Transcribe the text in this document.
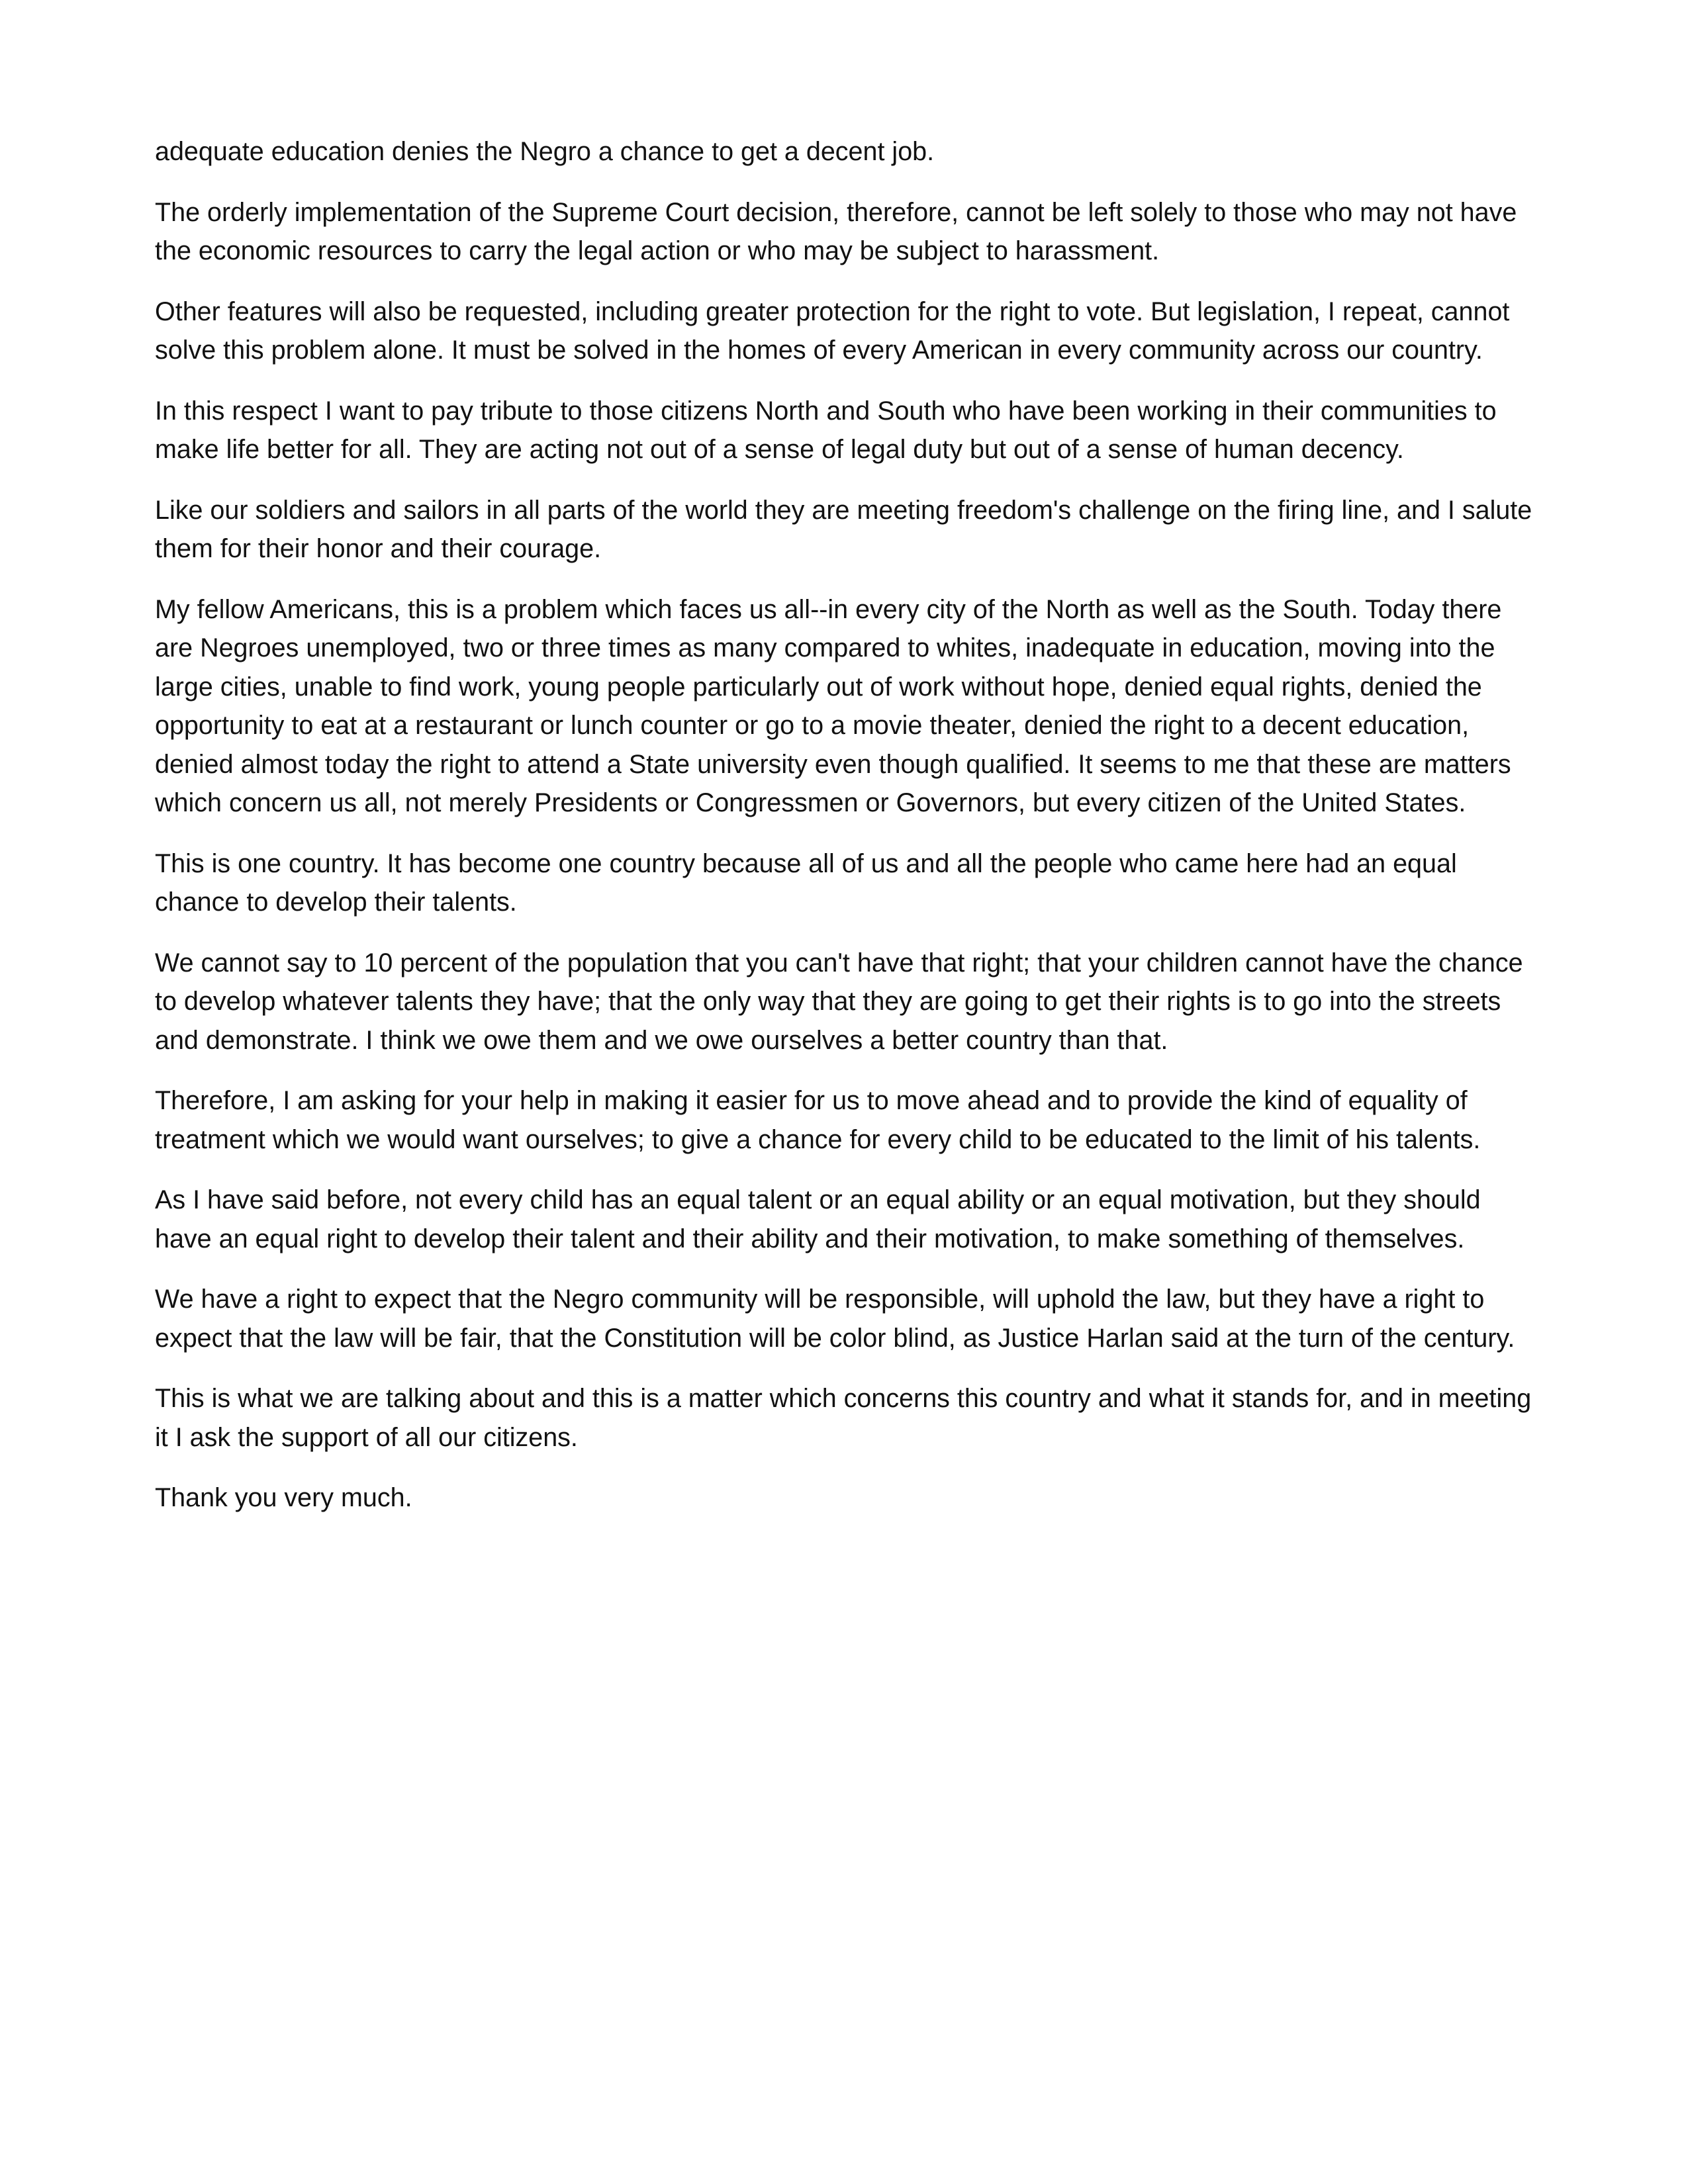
adequate education denies the Negro a chance to get a decent job.

The orderly implementation of the Supreme Court decision, therefore, cannot be left solely to those who may not have the economic resources to carry the legal action or who may be subject to harassment.

Other features will also be requested, including greater protection for the right to vote. But legislation, I repeat, cannot solve this problem alone. It must be solved in the homes of every American in every community across our country.

In this respect I want to pay tribute to those citizens North and South who have been working in their communities to make life better for all. They are acting not out of a sense of legal duty but out of a sense of human decency.

Like our soldiers and sailors in all parts of the world they are meeting freedom's challenge on the firing line, and I salute them for their honor and their courage.

My fellow Americans, this is a problem which faces us all--in every city of the North as well as the South. Today there are Negroes unemployed, two or three times as many compared to whites, inadequate in education, moving into the large cities, unable to find work, young people particularly out of work without hope, denied equal rights, denied the opportunity to eat at a restaurant or lunch counter or go to a movie theater, denied the right to a decent education, denied almost today the right to attend a State university even though qualified. It seems to me that these are matters which concern us all, not merely Presidents or Congressmen or Governors, but every citizen of the United States.

This is one country. It has become one country because all of us and all the people who came here had an equal chance to develop their talents.

We cannot say to 10 percent of the population that you can't have that right; that your children cannot have the chance to develop whatever talents they have; that the only way that they are going to get their rights is to go into the streets and demonstrate. I think we owe them and we owe ourselves a better country than that.

Therefore, I am asking for your help in making it easier for us to move ahead and to provide the kind of equality of treatment which we would want ourselves; to give a chance for every child to be educated to the limit of his talents.

As I have said before, not every child has an equal talent or an equal ability or an equal motivation, but they should have an equal right to develop their talent and their ability and their motivation, to make something of themselves.

We have a right to expect that the Negro community will be responsible, will uphold the law, but they have a right to expect that the law will be fair, that the Constitution will be color blind, as Justice Harlan said at the turn of the century.

This is what we are talking about and this is a matter which concerns this country and what it stands for, and in meeting it I ask the support of all our citizens.

Thank you very much.
